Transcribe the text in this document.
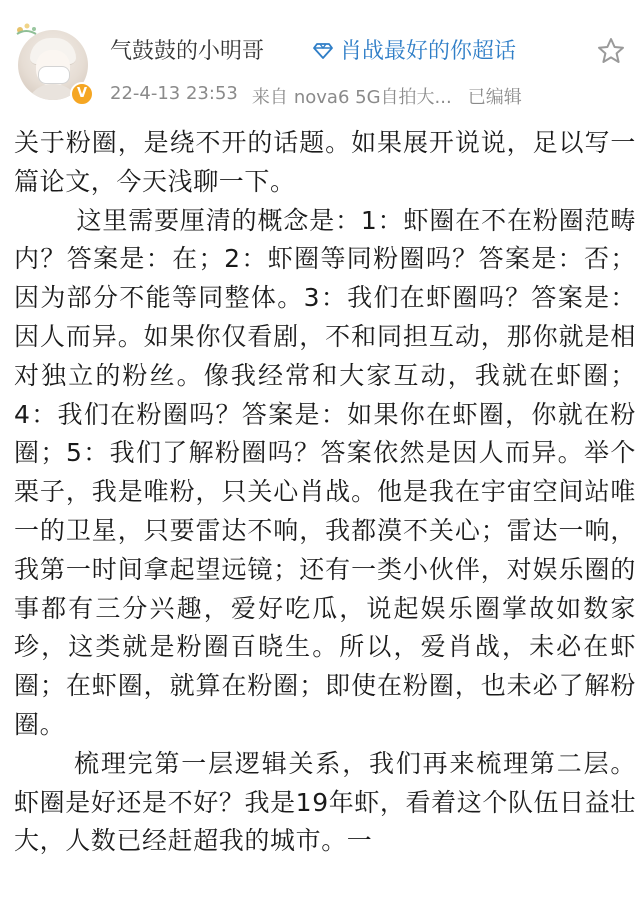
V
气鼓鼓的小明哥	肖战最好的你超话
22-4-13 23:53 来自 nova6 5G自拍大... 已编辑

关于粉圈，是绕不开的话题。如果展开说说，足以写一篇论文，今天浅聊一下。

这里需要厘清的概念是：1：虾圈在不在粉圈范畴内？答案是：在；2：虾圈等同粉圈吗？答案是：否；因为部分不能等同整体。3：我们在虾圈吗？答案是：因人而异。如果你仅看剧，不和同担互动，那你就是相对独立的粉丝。像我经常和大家互动，我就在虾圈；4：我们在粉圈吗？答案是：如果你在虾圈，你就在粉圈；5：我们了解粉圈吗？答案依然是因人而异。举个栗子，我是唯粉，只关心肖战。他是我在宇宙空间站唯一的卫星，只要雷达不响，我都漠不关心；雷达一响，我第一时间拿起望远镜；还有一类小伙伴，对娱乐圈的事都有三分兴趣，爱好吃瓜，说起娱乐圈掌故如数家珍，这类就是粉圈百晓生。所以，爱肖战，未必在虾圈；在虾圈，就算在粉圈；即使在粉圈，也未必了解粉圈。

梳理完第一层逻辑关系，我们再来梳理第二层。虾圈是好还是不好？我是19年虾，看着这个队伍日益壮大，人数已经赶超我的城市。一
